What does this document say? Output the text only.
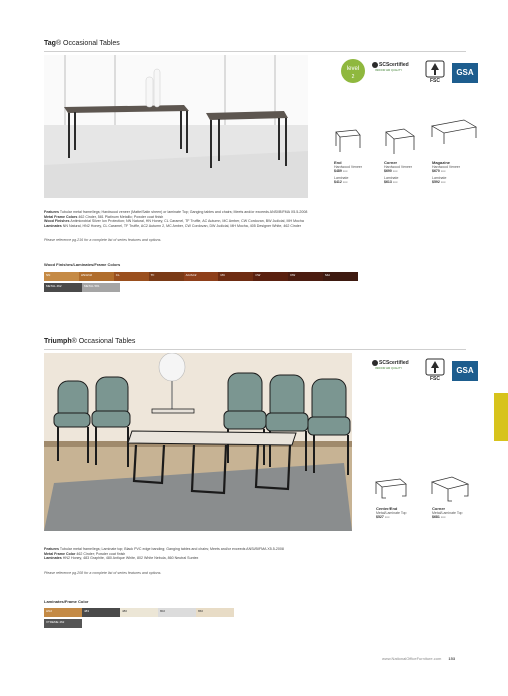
Tag® Occasional Tables
level
2
SCScertified
INDOOR AIR QUALITY
FSC
GSA
End
Hardwood Veneer
$489 List
Laminate
$412 List
Corner
Hardwood Veneer
$690 List
Laminate
$613 List
Magazine
Hardwood Veneer
$670 List
Laminate
$592 List
Features Tubular metal frame/legs; Hardwood veneer (Matte/Satin sheen) or laminate Top; Ganging tables and chairs; Meets and/or exceeds ANSI/BIFMA X5.5-2008
Metal Frame Colors 462 Cinder, 581 Platinum Metallic; Powder coat finish
Wood Finishes Antimicrobial Silver Ion Protection; NN Natural, HN Honey, CL Caramel, TF Truffle, AC Autumn, MC Amber, CW Cordovan, BW Judicial, MH Mocha
Laminates NN Natural, HN2 Honey, CL Caramel, TF Truffle, AC2 Autumn 2, MC Amber, CW Cordovan, DW Judicial, MH Mocha, 405 Designer White, 462 Cinder
Please reference pg.216 for a complete list of series features and options.
Wood Finishes/Laminates/Frame Colors
NN	HN/HN2	CL	TF	AC/AC2	MC	CW	DW	MH
METAL 462	METAL 581
Triumph® Occasional Tables
SCScertified
INDOOR AIR QUALITY
FSC
GSA
Center/End
Metal/Laminate Top
$527 List
Corner
Metal/Laminate Top
$681 List
Features Tubular metal frame/legs; Laminate top; Black PVC edge banding; Ganging tables and chairs; Meets and/or exceeds ANSI/BIFMA X5.5-2008
Metal Frame Color 462 Cinder; Powder coat finish
Laminates HN2 Honey, 483 Graphite, 480 Antique White, 802 White Nebula, 860 Neutral Suntex
Please reference pg.208 for a complete list of series features and options.
Laminates/Frame Color
HN2	483	480	802	860
XTREME 462
www.NationalOfficeFurniture.com 153
